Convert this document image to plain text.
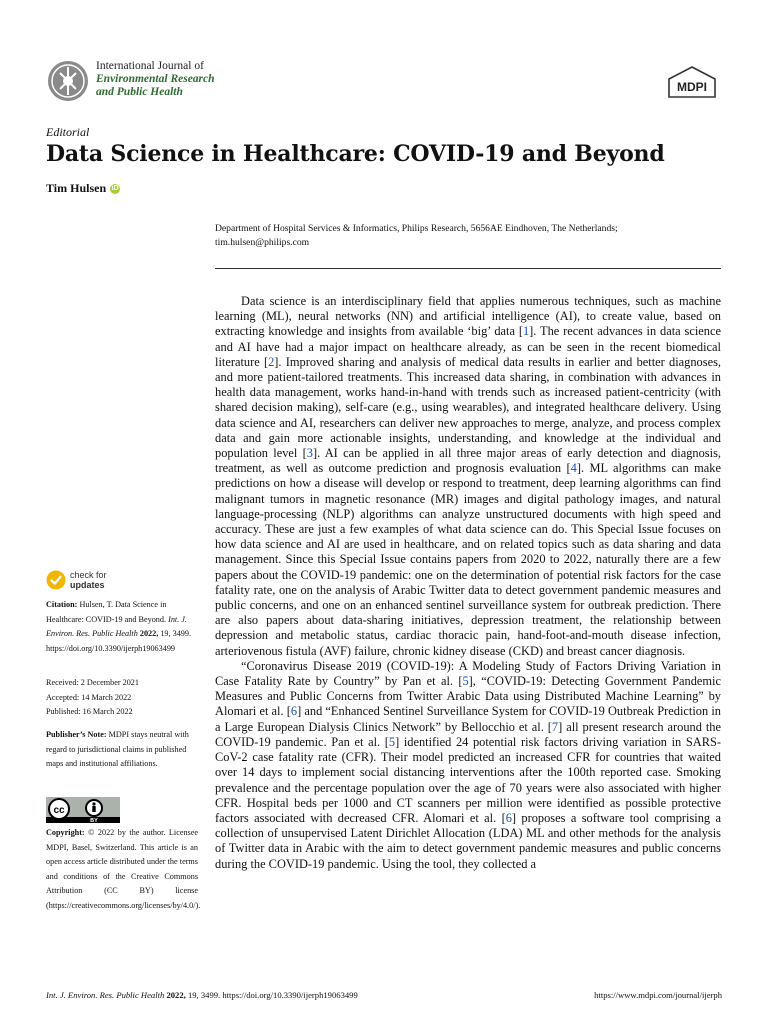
International Journal of
Environmental Research
and Public Health	MDPI
Editorial
Data Science in Healthcare: COVID-19 and Beyond
Tim Hulsen iD
Department of Hospital Services & Informatics, Philips Research, 5656AE Eindhoven, The Netherlands;
tim.hulsen@philips.com

Data science is an interdisciplinary field that applies numerous techniques, such as machine learning (ML), neural networks (NN) and artificial intelligence (AI), to create value, based on extracting knowledge and insights from available ‘big’ data [1]. The recent advances in data science and AI have had a major impact on healthcare already, as can be seen in the recent biomedical literature [2]. Improved sharing and analysis of medical data results in earlier and better diagnoses, and more patient-tailored treatments. This increased data sharing, in combination with advances in health data management, works hand-in-hand with trends such as increased patient-centricity (with shared decision making), self-care (e.g., using wearables), and integrated healthcare delivery. Using data science and AI, researchers can deliver new approaches to merge, analyze, and process complex data and gain more actionable insights, understanding, and knowledge at the individual and population level [3]. AI can be applied in all three major areas of early detection and diagnosis, treatment, as well as outcome prediction and prognosis evaluation [4]. ML algorithms can make predictions on how a disease will develop or respond to treatment, deep learning algorithms can find malignant tumors in magnetic resonance (MR) images and digital pathology images, and natural language-processing (NLP) algorithms can analyze unstructured documents with high speed and accuracy. These are just a few examples of what data science can do. This Special Issue focuses on how data science and AI are used in healthcare, and on related topics such as data sharing and data management. Since this Special Issue contains papers from 2020 to 2022, naturally there are a few papers about the COVID-19 pandemic: one on the determination of potential risk factors for the case fatality rate, one on the analysis of Arabic Twitter data to detect government pandemic measures and public concerns, and one on an enhanced sentinel surveillance system for outbreak prediction. There are also papers about data-sharing initiatives, depression treatment, the relationship between depression and metabolic status, cardiac thoracic pain, hand-foot-and-mouth disease infection, arteriovenous fistula (AVF) failure, chronic kidney disease (CKD) and breast cancer diagnosis.

“Coronavirus Disease 2019 (COVID-19): A Modeling Study of Factors Driving Variation in Case Fatality Rate by Country” by Pan et al. [5], “COVID-19: Detecting Government Pandemic Measures and Public Concerns from Twitter Arabic Data using Distributed Machine Learning” by Alomari et al. [6] and “Enhanced Sentinel Surveillance System for COVID-19 Outbreak Prediction in a Large European Dialysis Clinics Network” by Bellocchio et al. [7] all present research around the COVID-19 pandemic. Pan et al. [5] identified 24 potential risk factors driving variation in SARS-CoV-2 case fatality rate (CFR). Their model predicted an increased CFR for countries that waited over 14 days to implement social distancing interventions after the 100th reported case. Smoking prevalence and the percentage population over the age of 70 years were also associated with higher CFR. Hospital beds per 1000 and CT scanners per million were identified as possible protective factors associated with decreased CFR. Alomari et al. [6] proposes a software tool comprising a collection of unsupervised Latent Dirichlet Allocation (LDA) ML and other methods for the analysis of Twitter data in Arabic with the aim to detect government pandemic measures and public concerns during the COVID-19 pandemic. Using the tool, they collected a

check for
updates
Citation: Hulsen, T. Data Science in Healthcare: COVID-19 and Beyond. Int. J. Environ. Res. Public Health 2022, 19, 3499. https://doi.org/10.3390/ijerph19063499
Received: 2 December 2021
Accepted: 14 March 2022
Published: 16 March 2022
Publisher’s Note: MDPI stays neutral with regard to jurisdictional claims in published maps and institutional affiliations.
cc
BY
Copyright: © 2022 by the author. Licensee MDPI, Basel, Switzerland. This article is an open access article distributed under the terms and conditions of the Creative Commons Attribution (CC BY) license (https://creativecommons.org/licenses/by/4.0/).
Int. J. Environ. Res. Public Health 2022, 19, 3499. https://doi.org/10.3390/ijerph19063499	https://www.mdpi.com/journal/ijerph
